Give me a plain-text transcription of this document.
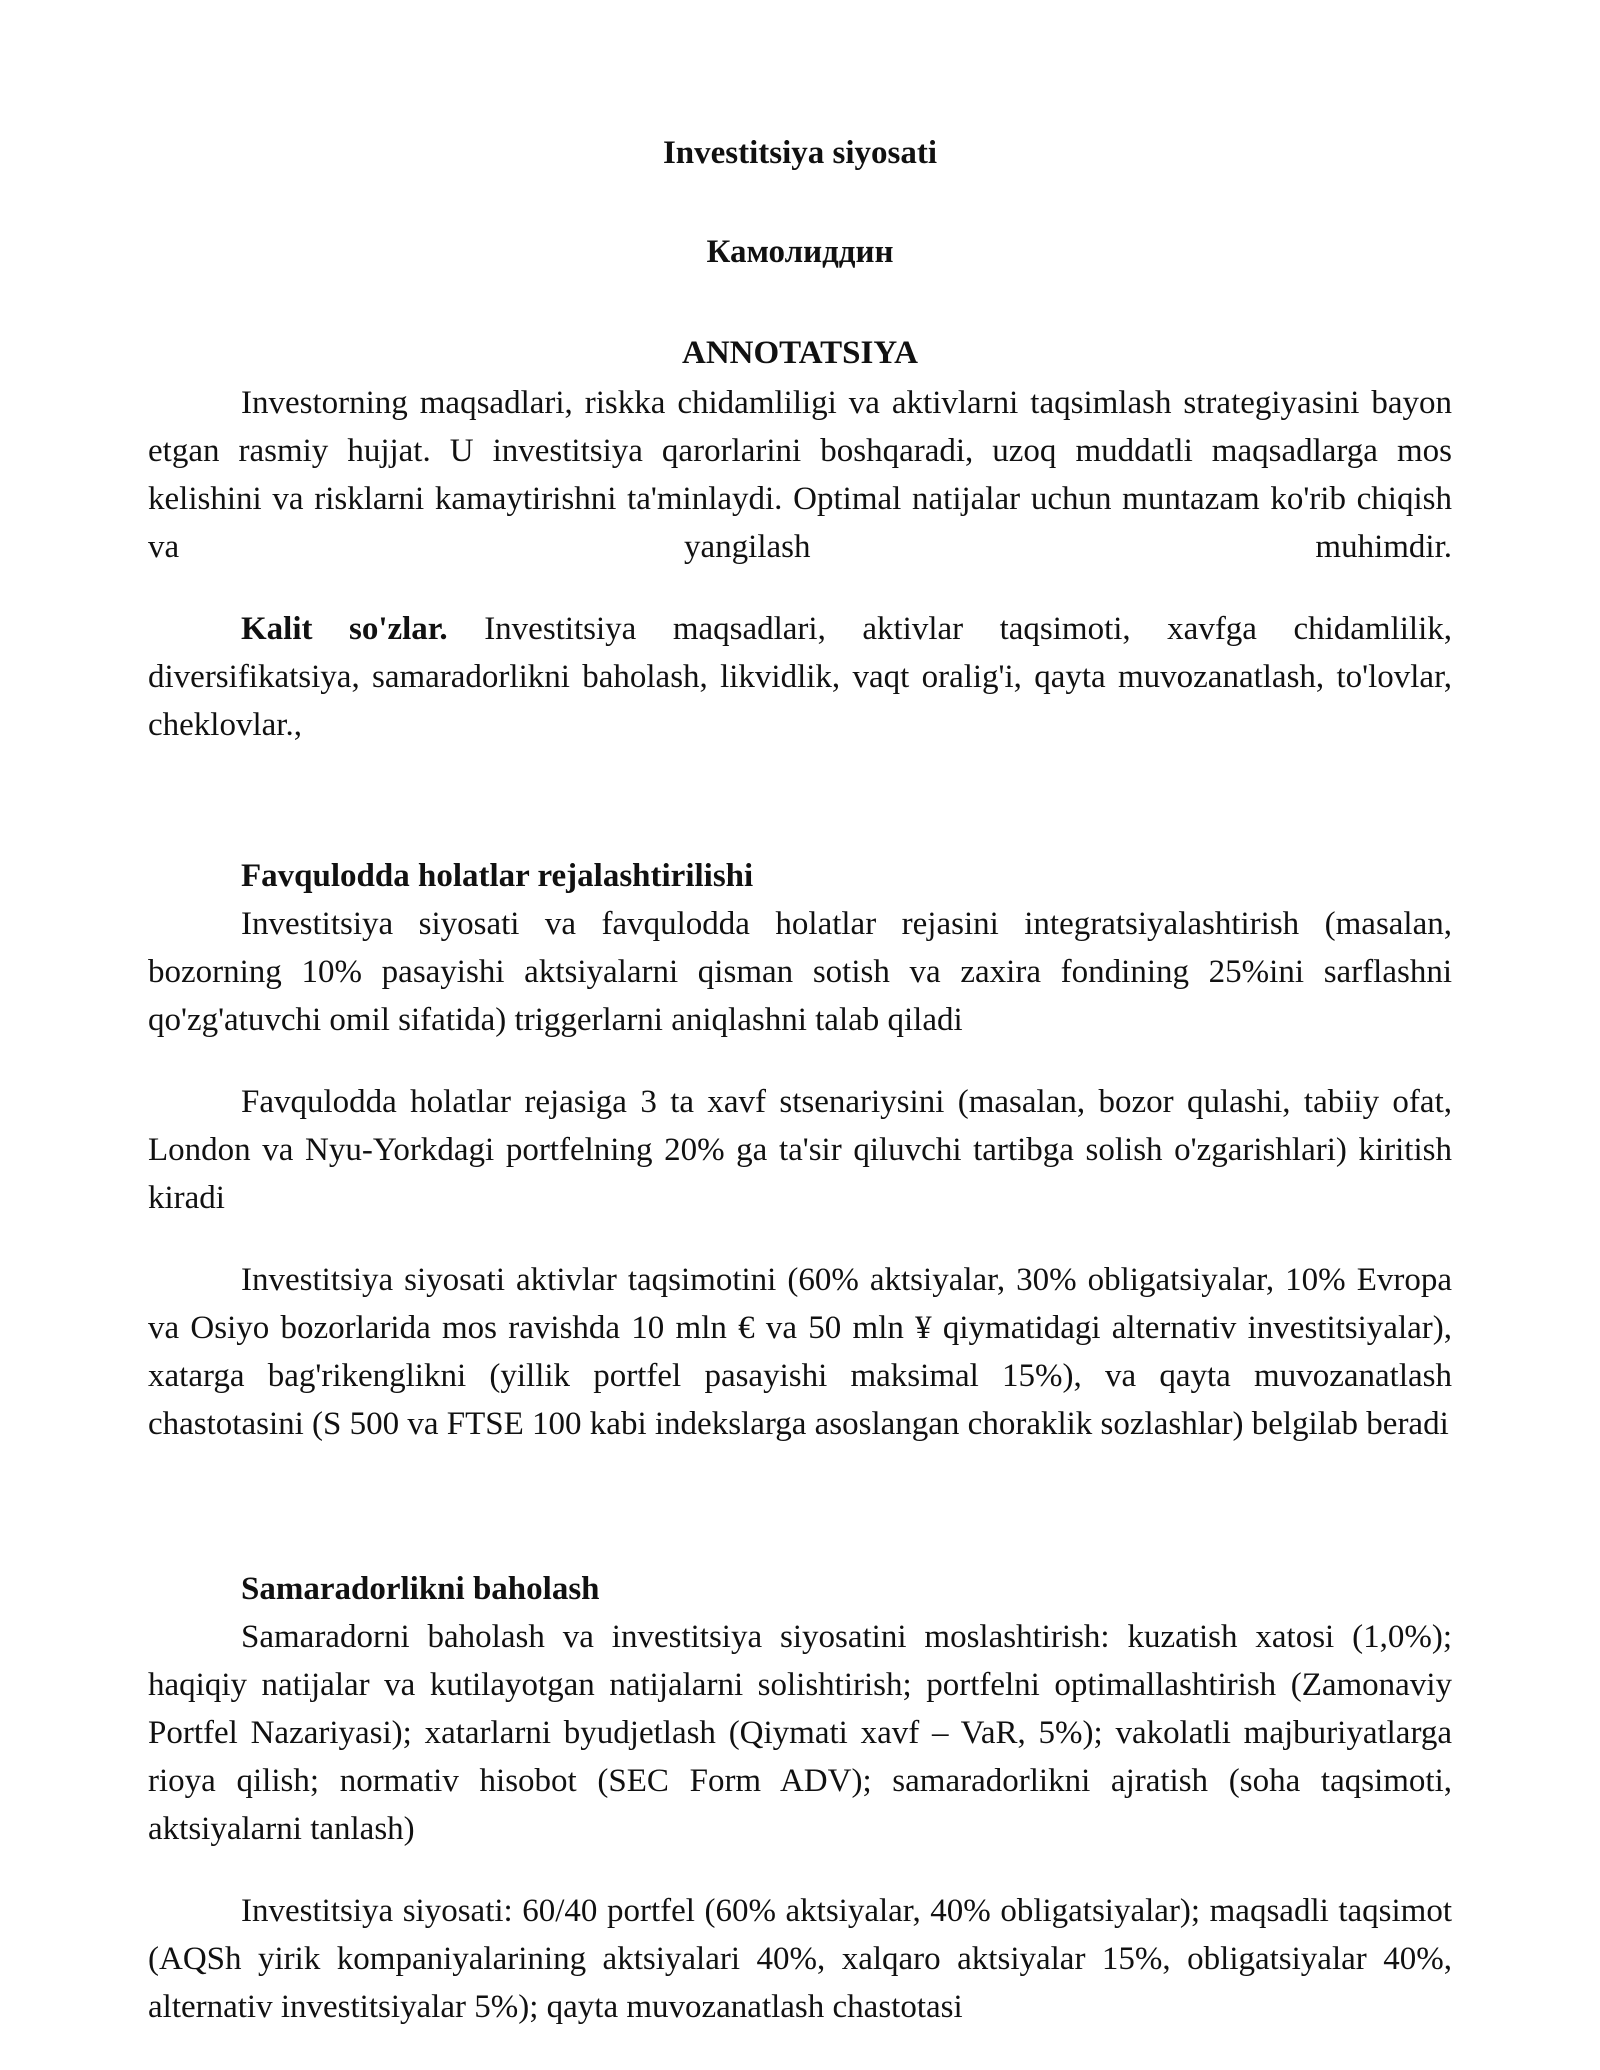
Investitsiya siyosati
Камолиддин
ANNOTATSIYA

Investorning maqsadlari, riskka chidamliligi va aktivlarni taqsimlash strategiyasini bayon etgan rasmiy hujjat. U investitsiya qarorlarini boshqaradi, uzoq muddatli maqsadlarga mos kelishini va risklarni kamaytirishni ta'minlaydi. Optimal natijalar uchun muntazam ko'rib chiqish va yangilash muhimdir.

Kalit so'zlar. Investitsiya maqsadlari, aktivlar taqsimoti, xavfga chidamlilik, diversifikatsiya, samaradorlikni baholash, likvidlik, vaqt oralig'i, qayta muvozanatlash, to'lovlar, cheklovlar.,

Favqulodda holatlar rejalashtirilishi

Investitsiya siyosati va favqulodda holatlar rejasini integratsiyalashtirish (masalan, bozorning 10% pasayishi aktsiyalarni qisman sotish va zaxira fondining 25%ini sarflashni qo'zg'atuvchi omil sifatida) triggerlarni aniqlashni talab qiladi

Favqulodda holatlar rejasiga 3 ta xavf stsenariysini (masalan, bozor qulashi, tabiiy ofat, London va Nyu-Yorkdagi portfelning 20% ga ta'sir qiluvchi tartibga solish o'zgarishlari) kiritish kiradi

Investitsiya siyosati aktivlar taqsimotini (60% aktsiyalar, 30% obligatsiyalar, 10% Evropa va Osiyo bozorlarida mos ravishda 10 mln € va 50 mln ¥ qiymatidagi alternativ investitsiyalar), xatarga bag'rikenglikni (yillik portfel pasayishi maksimal 15%), va qayta muvozanatlash chastotasini (S 500 va FTSE 100 kabi indekslarga asoslangan choraklik sozlashlar) belgilab beradi

Samaradorlikni baholash

Samaradorni baholash va investitsiya siyosatini moslashtirish: kuzatish xatosi (1,0%); haqiqiy natijalar va kutilayotgan natijalarni solishtirish; portfelni optimallashtirish (Zamonaviy Portfel Nazariyasi); xatarlarni byudjetlash (Qiymati xavf – VaR, 5%); vakolatli majburiyatlarga rioya qilish; normativ hisobot (SEC Form ADV); samaradorlikni ajratish (soha taqsimoti, aktsiyalarni tanlash)

Investitsiya siyosati: 60/40 portfel (60% aktsiyalar, 40% obligatsiyalar); maqsadli taqsimot (AQSh yirik kompaniyalarining aktsiyalari 40%, xalqaro aktsiyalar 15%, obligatsiyalar 40%, alternativ investitsiyalar 5%); qayta muvozanatlash chastotasi
